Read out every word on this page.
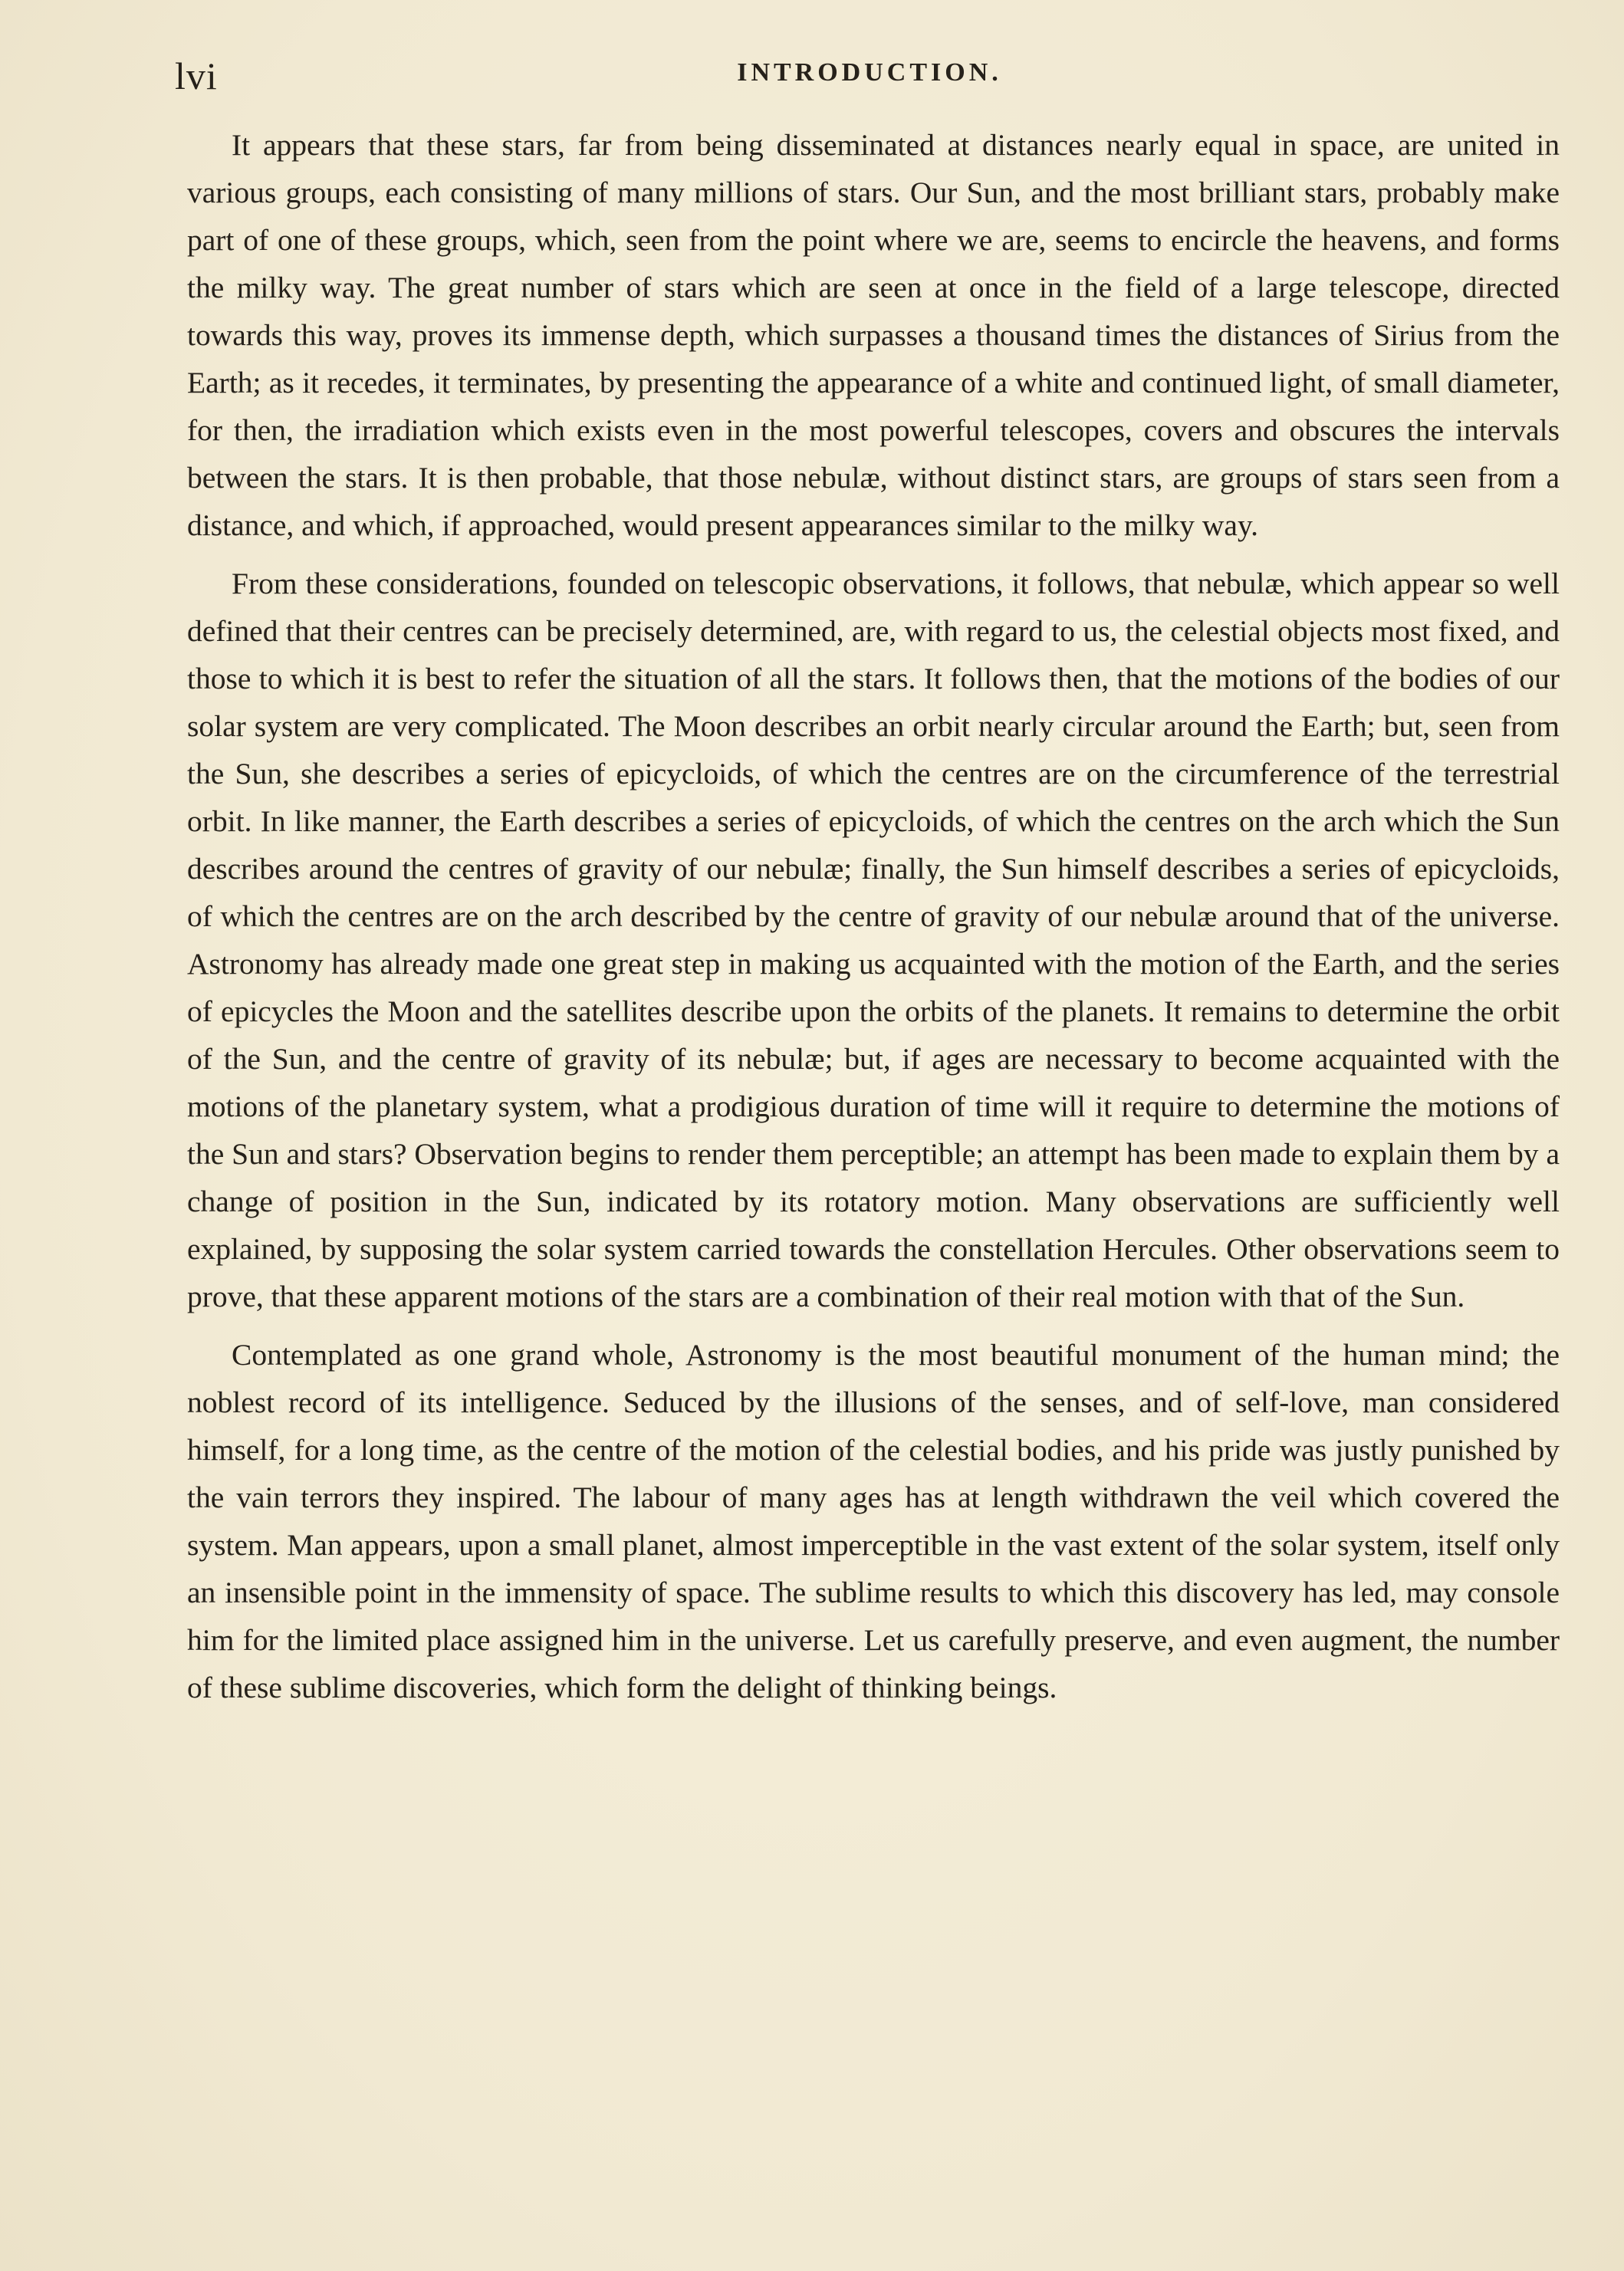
lvi	INTRODUCTION.

It appears that these stars, far from being disseminated at distances nearly equal in space, are united in various groups, each consisting of many millions of stars. Our Sun, and the most brilliant stars, probably make part of one of these groups, which, seen from the point where we are, seems to encircle the heavens, and forms the milky way. The great number of stars which are seen at once in the field of a large telescope, directed towards this way, proves its immense depth, which surpasses a thousand times the distances of Sirius from the Earth; as it recedes, it terminates, by presenting the appearance of a white and continued light, of small diameter, for then, the irradiation which exists even in the most powerful telescopes, covers and obscures the intervals between the stars. It is then probable, that those nebulæ, without distinct stars, are groups of stars seen from a distance, and which, if approached, would present appearances similar to the milky way.

From these considerations, founded on telescopic observations, it follows, that nebulæ, which appear so well defined that their centres can be precisely determined, are, with regard to us, the celestial objects most fixed, and those to which it is best to refer the situation of all the stars. It follows then, that the motions of the bodies of our solar system are very complicated. The Moon describes an orbit nearly circular around the Earth; but, seen from the Sun, she describes a series of epicycloids, of which the centres are on the circumference of the terrestrial orbit. In like manner, the Earth describes a series of epicycloids, of which the centres on the arch which the Sun describes around the centres of gravity of our nebulæ; finally, the Sun himself describes a series of epicycloids, of which the centres are on the arch described by the centre of gravity of our nebulæ around that of the universe. Astronomy has already made one great step in making us acquainted with the motion of the Earth, and the series of epicycles the Moon and the satellites describe upon the orbits of the planets. It remains to determine the orbit of the Sun, and the centre of gravity of its nebulæ; but, if ages are necessary to become acquainted with the motions of the planetary system, what a prodigious duration of time will it require to determine the motions of the Sun and stars? Observation begins to render them perceptible; an attempt has been made to explain them by a change of position in the Sun, indicated by its rotatory motion. Many observations are sufficiently well explained, by supposing the solar system carried towards the constellation Hercules. Other observations seem to prove, that these apparent motions of the stars are a combination of their real motion with that of the Sun.

Contemplated as one grand whole, Astronomy is the most beautiful monument of the human mind; the noblest record of its intelligence. Seduced by the illusions of the senses, and of self-love, man considered himself, for a long time, as the centre of the motion of the celestial bodies, and his pride was justly punished by the vain terrors they inspired. The labour of many ages has at length withdrawn the veil which covered the system. Man appears, upon a small planet, almost imperceptible in the vast extent of the solar system, itself only an insensible point in the immensity of space. The sublime results to which this discovery has led, may console him for the limited place assigned him in the universe. Let us carefully preserve, and even augment, the number of these sublime discoveries, which form the delight of thinking beings.
